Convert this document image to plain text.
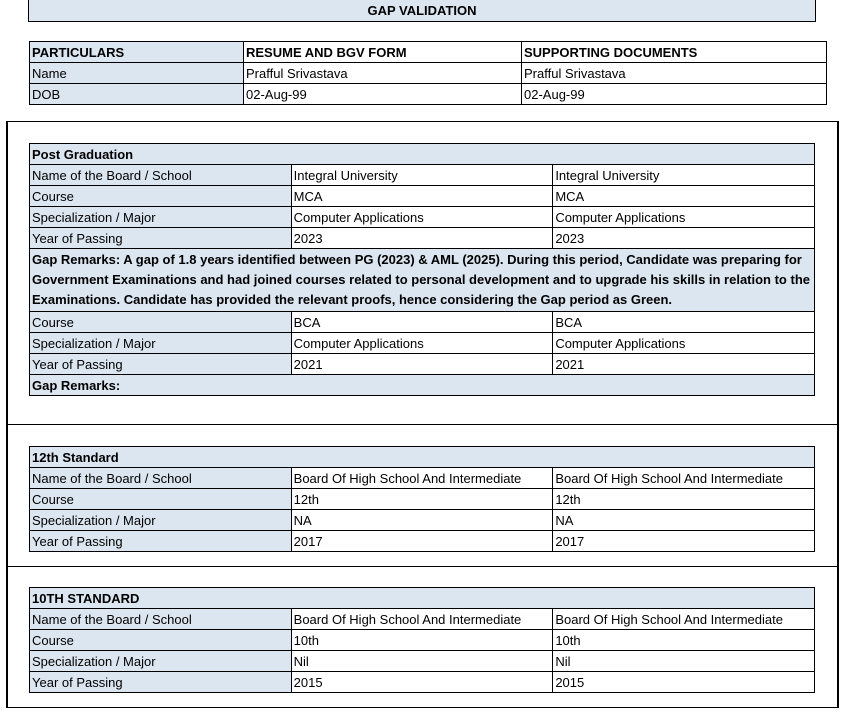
GAP VALIDATION
PARTICULARS	RESUME AND BGV FORM	SUPPORTING DOCUMENTS
Name	Prafful Srivastava	Prafful Srivastava
DOB	02-Aug-99	02-Aug-99
Post Graduation		
Name of the Board / School	Integral University	Integral University
Course	MCA	MCA
Specialization / Major	Computer Applications	Computer Applications
Year of Passing	2023	2023
Gap Remarks: A gap of 1.8 years identified between PG (2023) & AML (2025). During this period, Candidate was preparing for Government Examinations and had joined courses related to personal development and to upgrade his skills in relation to the Examinations. Candidate has provided the relevant proofs, hence considering the Gap period as Green.		
Course	BCA	BCA
Specialization / Major	Computer Applications	Computer Applications
Year of Passing	2021	2021
Gap Remarks:		
12th Standard		
Name of the Board / School	Board Of High School And Intermediate	Board Of High School And Intermediate
Course	12th	12th
Specialization / Major	NA	NA
Year of Passing	2017	2017
10TH STANDARD		
Name of the Board / School	Board Of High School And Intermediate	Board Of High School And Intermediate
Course	10th	10th
Specialization / Major	Nil	Nil
Year of Passing	2015	2015
